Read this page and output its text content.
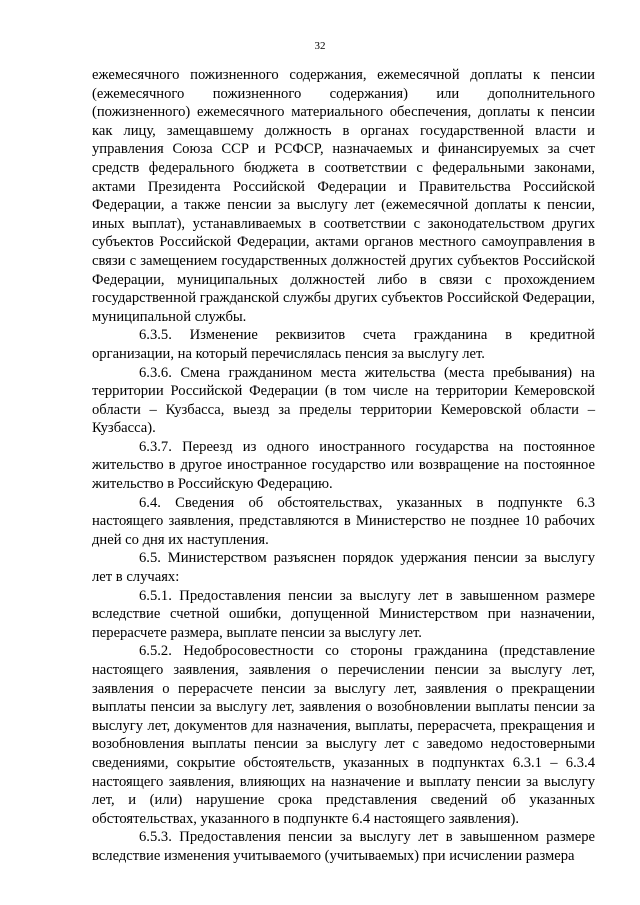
32

ежемесячного пожизненного содержания, ежемесячной доплаты к пенсии (ежемесячного пожизненного содержания) или дополнительного (пожизненного) ежемесячного материального обеспечения, доплаты к пенсии как лицу, замещавшему должность в органах государственной власти и управления Союза ССР и РСФСР, назначаемых и финансируемых за счет средств федерального бюджета в соответствии с федеральными законами, актами Президента Российской Федерации и Правительства Российской Федерации, а также пенсии за выслугу лет (ежемесячной доплаты к пенсии, иных выплат), устанавливаемых в соответствии с законодательством других субъектов Российской Федерации, актами органов местного самоуправления в связи с замещением государственных должностей других субъектов Российской Федерации, муниципальных должностей либо в связи с прохождением государственной гражданской службы других субъектов Российской Федерации, муниципальной службы.

6.3.5. Изменение реквизитов счета гражданина в кредитной организации, на который перечислялась пенсия за выслугу лет.

6.3.6. Смена гражданином места жительства (места пребывания) на территории Российской Федерации (в том числе на территории Кемеровской области – Кузбасса, выезд за пределы территории Кемеровской области – Кузбасса).

6.3.7. Переезд из одного иностранного государства на постоянное жительство в другое иностранное государство или возвращение на постоянное жительство в Российскую Федерацию.

6.4. Сведения об обстоятельствах, указанных в подпункте 6.3 настоящего заявления, представляются в Министерство не позднее 10 рабочих дней со дня их наступления.

6.5. Министерством разъяснен порядок удержания пенсии за выслугу лет в случаях:

6.5.1. Предоставления пенсии за выслугу лет в завышенном размере вследствие счетной ошибки, допущенной Министерством при назначении, перерасчете размера, выплате пенсии за выслугу лет.

6.5.2. Недобросовестности со стороны гражданина (представление настоящего заявления, заявления о перечислении пенсии за выслугу лет, заявления о перерасчете пенсии за выслугу лет, заявления о прекращении выплаты пенсии за выслугу лет, заявления о возобновлении выплаты пенсии за выслугу лет, документов для назначения, выплаты, перерасчета, прекращения и возобновления выплаты пенсии за выслугу лет с заведомо недостоверными сведениями, сокрытие обстоятельств, указанных в подпунктах 6.3.1 – 6.3.4 настоящего заявления, влияющих на назначение и выплату пенсии за выслугу лет, и (или) нарушение срока представления сведений об указанных обстоятельствах, указанного в подпункте 6.4 настоящего заявления).

6.5.3. Предоставления пенсии за выслугу лет в завышенном размере вследствие изменения учитываемого (учитываемых) при исчислении размера
